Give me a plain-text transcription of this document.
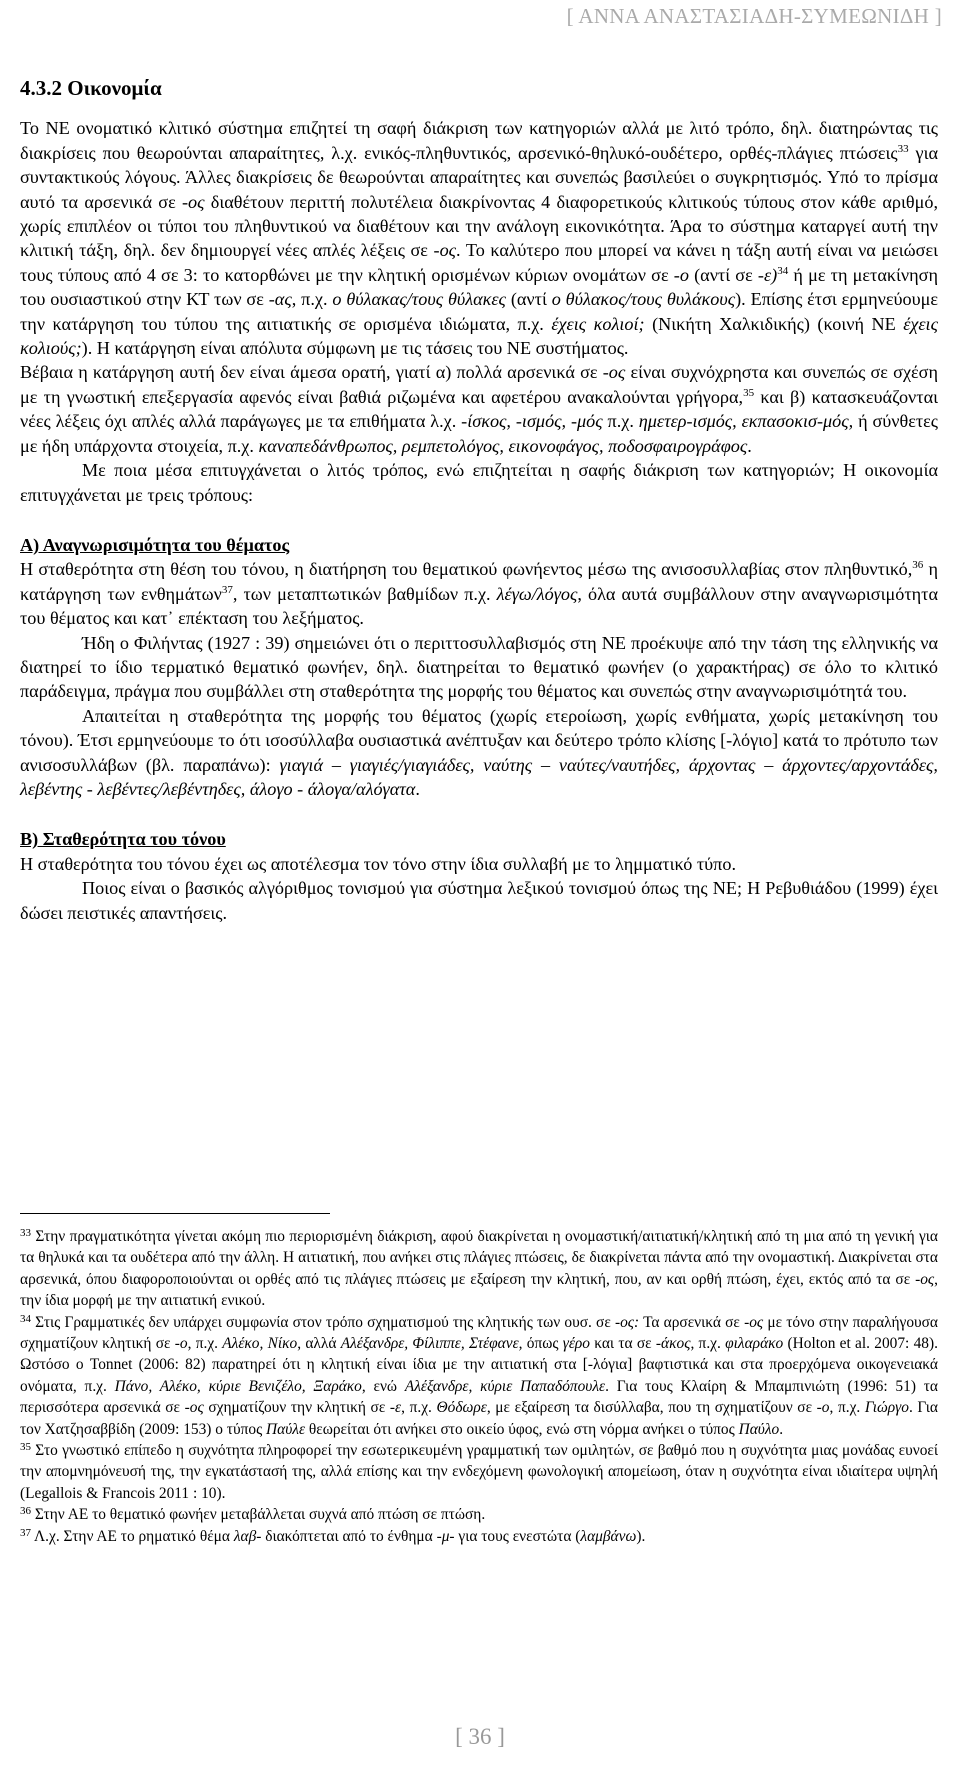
[ ΑΝΝΑ ΑΝΑΣΤΑΣΙΑΔΗ-ΣΥΜΕΩΝΙΔΗ ]
4.3.2 Οικονομία

Το ΝΕ ονοματικό κλιτικό σύστημα επιζητεί τη σαφή διάκριση των κατηγοριών αλλά με λιτό τρόπο, δηλ. διατηρώντας τις διακρίσεις που θεωρούνται απαραίτητες, λ.χ. ενικός-πληθυντικός, αρσενικό-θηλυκό-ουδέτερο, ορθές-πλάγιες πτώσεις$^{33}$ για συντακτικούς λόγους. Άλλες διακρίσεις δε θεωρούνται απαραίτητες και συνεπώς βασιλεύει ο συγκρητισμός. Υπό το πρίσμα αυτό τα αρσενικά σε -ος διαθέτουν περιττή πολυτέλεια διακρίνοντας 4 διαφορετικούς κλιτικούς τύπους στον κάθε αριθμό, χωρίς επιπλέον οι τύποι του πληθυντικού να διαθέτουν και την ανάλογη εικονικότητα. Άρα το σύστημα καταργεί αυτή την κλιτική τάξη, δηλ. δεν δημιουργεί νέες απλές λέξεις σε -ος. Το καλύτερο που μπορεί να κάνει η τάξη αυτή είναι να μειώσει τους τύπους από 4 σε 3: το κατορθώνει με την κλητική ορισμένων κύριων ονομάτων σε -ο (αντί σε -ε)$^{34}$ ή με τη μετακίνηση του ουσιαστικού στην ΚΤ των σε -ας, π.χ. ο θύλακας/τους θύλακες (αντί ο θύλακος/τους θυλάκους). Επίσης έτσι ερμηνεύουμε την κατάργηση του τύπου της αιτιατικής σε ορισμένα ιδιώματα, π.χ. έχεις κολιοί; (Νικήτη Χαλκιδικής) (κοινή ΝΕ έχεις κολιούς;). Η κατάργηση είναι απόλυτα σύμφωνη με τις τάσεις του ΝΕ συστήματος.

Βέβαια η κατάργηση αυτή δεν είναι άμεσα ορατή, γιατί α) πολλά αρσενικά σε -ος είναι συχνόχρηστα και συνεπώς σε σχέση με τη γνωστική επεξεργασία αφενός είναι βαθιά ριζωμένα και αφετέρου ανακαλούνται γρήγορα,$^{35}$ και β) κατασκευάζονται νέες λέξεις όχι απλές αλλά παράγωγες με τα επιθήματα λ.χ. -ίσκος, -ισμός, -μός π.χ. ημετερ-ισμός, εκπασοκισ-μός, ή σύνθετες με ήδη υπάρχοντα στοιχεία, π.χ. καναπεδάνθρωπος, ρεμπετολόγος, εικονοφάγος, ποδοσφαιρογράφος.

Με ποια μέσα επιτυγχάνεται ο λιτός τρόπος, ενώ επιζητείται η σαφής διάκριση των κατηγοριών; Η οικονομία επιτυγχάνεται με τρεις τρόπους:

Α) Αναγνωρισιμότητα του θέματος

Η σταθερότητα στη θέση του τόνου, η διατήρηση του θεματικού φωνήεντος μέσω της ανισοσυλλαβίας στον πληθυντικό,$^{36}$ η κατάργηση των ενθημάτων$^{37}$, των μεταπτωτικών βαθμίδων π.χ. λέγω/λόγος, όλα αυτά συμβάλλουν στην αναγνωρισιμότητα του θέματος και κατ᾽ επέκταση του λεξήματος.

Ήδη ο Φιλήντας (1927 : 39) σημειώνει ότι ο περιττοσυλλαβισμός στη ΝΕ προέκυψε από την τάση της ελληνικής να διατηρεί το ίδιο τερματικό θεματικό φωνήεν, δηλ. διατηρείται το θεματικό φωνήεν (ο χαρακτήρας) σε όλο το κλιτικό παράδειγμα, πράγμα που συμβάλλει στη σταθερότητα της μορφής του θέματος και συνεπώς στην αναγνωρισιμότητά του.

Απαιτείται η σταθερότητα της μορφής του θέματος (χωρίς ετεροίωση, χωρίς ενθήματα, χωρίς μετακίνηση του τόνου). Έτσι ερμηνεύουμε το ότι ισοσύλλαβα ουσιαστικά ανέπτυξαν και δεύτερο τρόπο κλίσης [-λόγιο] κατά το πρότυπο των ανισοσυλλάβων (βλ. παραπάνω): γιαγιά – γιαγιές/γιαγιάδες, ναύτης – ναύτες/ναυτήδες, άρχοντας – άρχοντες/αρχοντάδες, λεβέντης - λεβέντες/λεβέντηδες, άλογο - άλογα/αλόγατα.

Β) Σταθερότητα του τόνου

Η σταθερότητα του τόνου έχει ως αποτέλεσμα τον τόνο στην ίδια συλλαβή με το λημματικό τύπο.

Ποιος είναι ο βασικός αλγόριθμος τονισμού για σύστημα λεξικού τονισμού όπως της ΝΕ; Η Ρεβυθιάδου (1999) έχει δώσει πειστικές απαντήσεις.

$^{33}$ Στην πραγματικότητα γίνεται ακόμη πιο περιορισμένη διάκριση, αφού διακρίνεται η ονομαστική/αιτιατική/κλητική από τη μια από τη γενική για τα θηλυκά και τα ουδέτερα από την άλλη. Η αιτιατική, που ανήκει στις πλάγιες πτώσεις, δε διακρίνεται πάντα από την ονομαστική. Διακρίνεται στα αρσενικά, όπου διαφοροποιούνται οι ορθές από τις πλάγιες πτώσεις με εξαίρεση την κλητική, που, αν και ορθή πτώση, έχει, εκτός από τα σε -ος, την ίδια μορφή με την αιτιατική ενικού.

$^{34}$ Στις Γραμματικές δεν υπάρχει συμφωνία στον τρόπο σχηματισμού της κλητικής των ουσ. σε -ος: Τα αρσενικά σε -ος με τόνο στην παραλήγουσα σχηματίζουν κλητική σε -ο, π.χ. Αλέκο, Νίκο, αλλά Αλέξανδρε, Φίλιππε, Στέφανε, όπως γέρο και τα σε -άκος, π.χ. φιλαράκο (Holton et al. 2007: 48). Ωστόσο ο Tonnet (2006: 82) παρατηρεί ότι η κλητική είναι ίδια με την αιτιατική στα [-λόγια] βαφτιστικά και στα προερχόμενα οικογενειακά ονόματα, π.χ. Πάνο, Αλέκο, κύριε Βενιζέλο, Ξαράκο, ενώ Αλέξανδρε, κύριε Παπαδόπουλε. Για τους Κλαίρη & Μπαμπινιώτη (1996: 51) τα περισσότερα αρσενικά σε -ος σχηματίζουν την κλητική σε -ε, π.χ. Θόδωρε, με εξαίρεση τα δισύλλαβα, που τη σχηματίζουν σε -ο, π.χ. Γιώργο. Για τον Χατζησαββίδη (2009: 153) ο τύπος Παύλε θεωρείται ότι ανήκει στο οικείο ύφος, ενώ στη νόρμα ανήκει ο τύπος Παύλο.

$^{35}$ Στο γνωστικό επίπεδο η συχνότητα πληροφορεί την εσωτερικευμένη γραμματική των ομιλητών, σε βαθμό που η συχνότητα μιας μονάδας ευνοεί την απομνημόνευσή της, την εγκατάστασή της, αλλά επίσης και την ενδεχόμενη φωνολογική απομείωση, όταν η συχνότητα είναι ιδιαίτερα υψηλή (Legallois & Francois 2011 : 10).

$^{36}$ Στην ΑΕ το θεματικό φωνήεν μεταβάλλεται συχνά από πτώση σε πτώση.

$^{37}$ Λ.χ. Στην ΑΕ το ρηματικό θέμα λαβ- διακόπτεται από το ένθημα -μ- για τους ενεστώτα (λαμβάνω).

[ 36 ]
